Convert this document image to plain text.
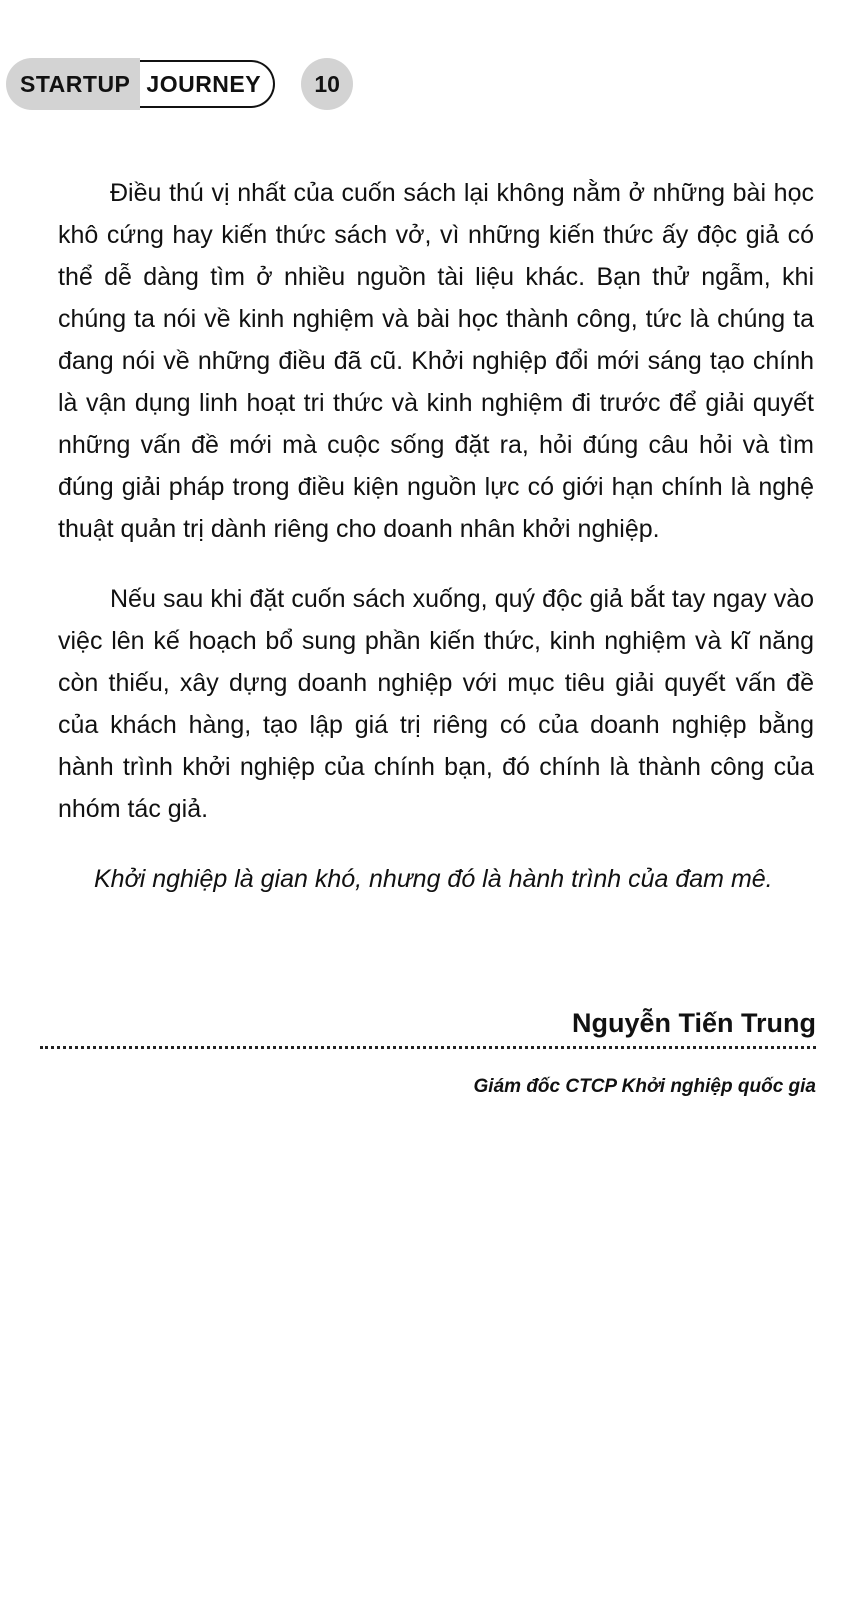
STARTUP JOURNEY	10

Điều thú vị nhất của cuốn sách lại không nằm ở những bài học khô cứng hay kiến thức sách vở, vì những kiến thức ấy độc giả có thể dễ dàng tìm ở nhiều nguồn tài liệu khác. Bạn thử ngẫm, khi chúng ta nói về kinh nghiệm và bài học thành công, tức là chúng ta đang nói về những điều đã cũ. Khởi nghiệp đổi mới sáng tạo chính là vận dụng linh hoạt tri thức và kinh nghiệm đi trước để giải quyết những vấn đề mới mà cuộc sống đặt ra, hỏi đúng câu hỏi và tìm đúng giải pháp trong điều kiện nguồn lực có giới hạn chính là nghệ thuật quản trị dành riêng cho doanh nhân khởi nghiệp.

Nếu sau khi đặt cuốn sách xuống, quý độc giả bắt tay ngay vào việc lên kế hoạch bổ sung phần kiến thức, kinh nghiệm và kĩ năng còn thiếu, xây dựng doanh nghiệp với mục tiêu giải quyết vấn đề của khách hàng, tạo lập giá trị riêng có của doanh nghiệp bằng hành trình khởi nghiệp của chính bạn, đó chính là thành công của nhóm tác giả.

Khởi nghiệp là gian khó, nhưng đó là hành trình của đam mê.

Nguyễn Tiến Trung
Giám đốc CTCP Khởi nghiệp quốc gia
